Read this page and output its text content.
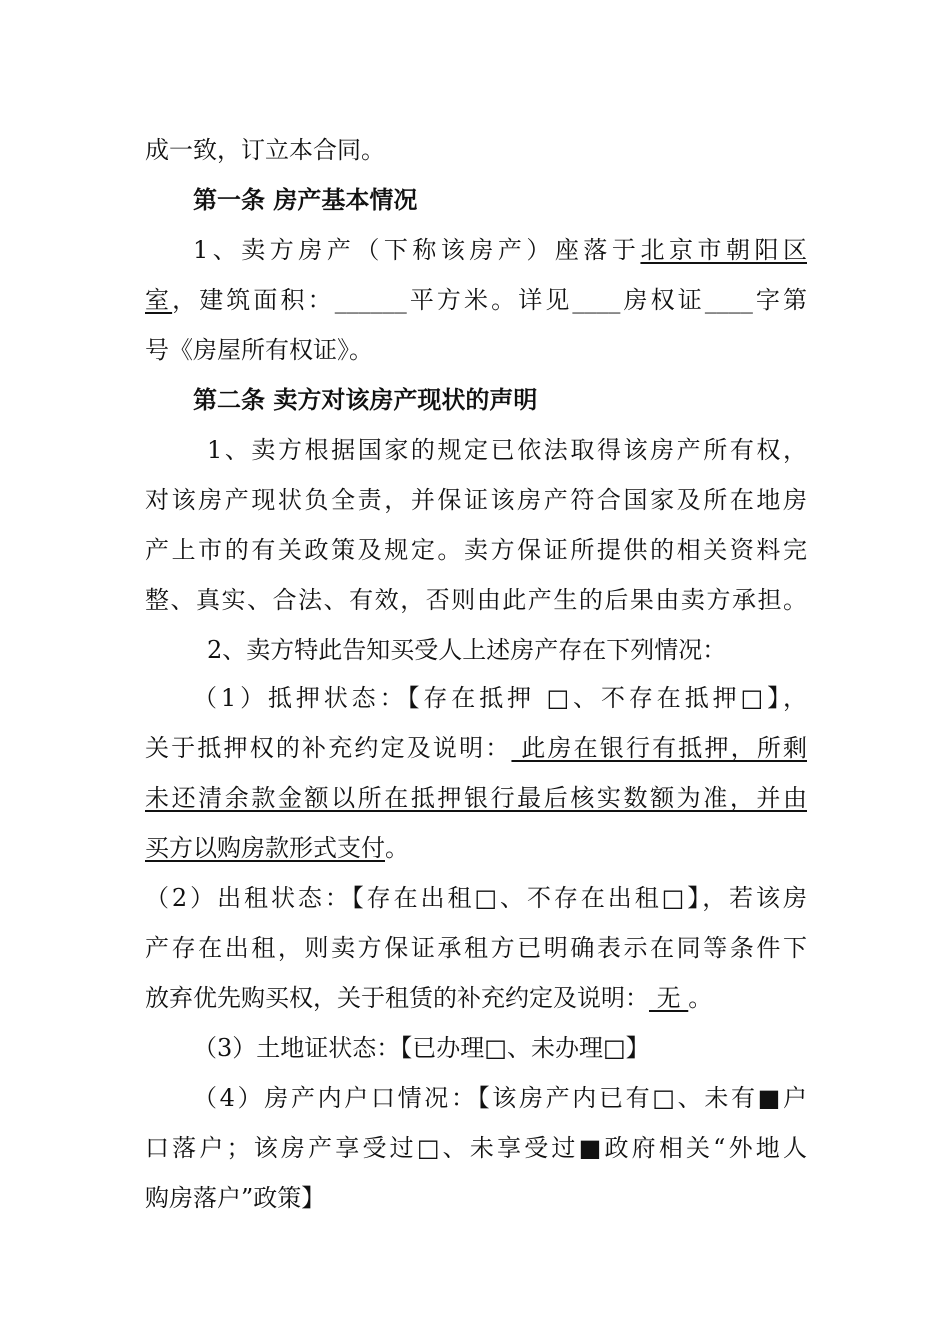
成一致，订立本合同。
第一条 房产基本情况
1、卖方房产（下称该房产）座落于北京市朝阳区
室，建筑面积：______平方米。详见____房权证____字第
号《房屋所有权证》。
第二条 卖方对该房产现状的声明
1、卖方根据国家的规定已依法取得该房产所有权，
对该房产现状负全责，并保证该房产符合国家及所在地房
产上市的有关政策及规定。卖方保证所提供的相关资料完
整、真实、合法、有效，否则由此产生的后果由卖方承担。
2、卖方特此告知买受人上述房产存在下列情况：
（1）抵押状态：【存在抵押 □、不存在抵押□】，
关于抵押权的补充约定及说明： 此房在银行有抵押，所剩
未还清余款金额以所在抵押银行最后核实数额为准，并由
买方以购房款形式支付。
（2）出租状态：【存在出租□、不存在出租□】，若该房
产存在出租，则卖方保证承租方已明确表示在同等条件下
放弃优先购买权，关于租赁的补充约定及说明： 无 。
（3）土地证状态：【已办理□、未办理□】
（4）房产内户口情况：【该房产内已有□、未有■户
口落户；该房产享受过□、未享受过■政府相关“外地人
购房落户”政策】
